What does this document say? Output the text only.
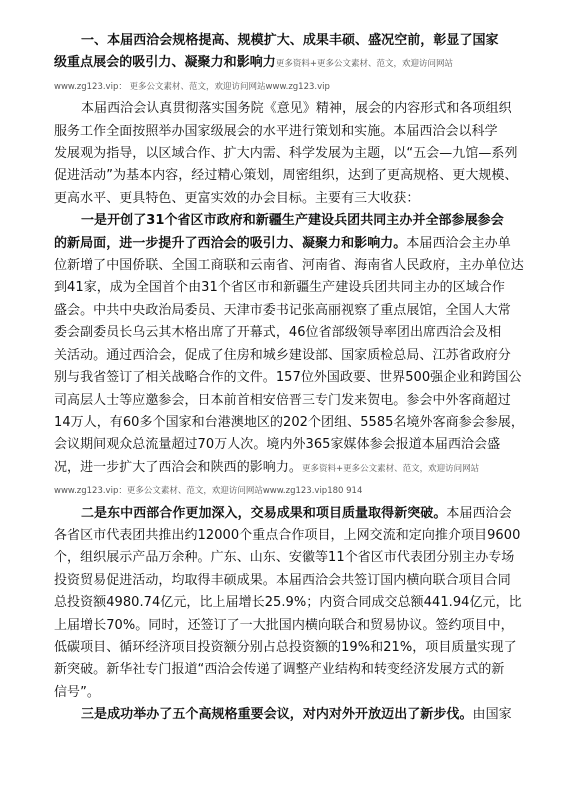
一、本届西洽会规格提高、规模扩大、成果丰硕、盛况空前，彰显了国家
级重点展会的吸引力、凝聚力和影响力更多资料+更多公文素材、范文，欢迎访问网站
www.zg123.vip： 更多公文素材、范文，欢迎访问网站www.zg123.vip
本届西洽会认真贯彻落实国务院《意见》精神，展会的内容形式和各项组织
服务工作全面按照举办国家级展会的水平进行策划和实施。本届西洽会以科学
发展观为指导，以区域合作、扩大内需、科学发展为主题，以“五会—九馆—系列
促进活动”为基本内容，经过精心策划，周密组织，达到了更高规格、更大规模、
更高水平、更具特色、更富实效的办会目标。主要有三大收获：
一是开创了31个省区市政府和新疆生产建设兵团共同主办并全部参展参会
的新局面，进一步提升了西洽会的吸引力、凝聚力和影响力。本届西洽会主办单
位新增了中国侨联、全国工商联和云南省、河南省、海南省人民政府，主办单位达
到41家，成为全国首个由31个省区市和新疆生产建设兵团共同主办的区域合作
盛会。中共中央政治局委员、天津市委书记张高丽视察了重点展馆，全国人大常
委会副委员长乌云其木格出席了开幕式，46位省部级领导率团出席西洽会及相
关活动。通过西洽会，促成了住房和城乡建设部、国家质检总局、江苏省政府分
别与我省签订了相关战略合作的文件。157位外国政要、世界500强企业和跨国公
司高层人士等应邀参会，日本前首相安倍晋三专门发来贺电。参会中外客商超过
14万人，有60多个国家和台港澳地区的202个团组、5585名境外客商参会参展，
会议期间观众总流量超过70万人次。境内外365家媒体参会报道本届西洽会盛
况，进一步扩大了西洽会和陕西的影响力。更多资料+更多公文素材、范文，欢迎访问网站
www.zg123.vip：更多公文素材、范文，欢迎访问网站www.zg123.vip180 914
二是东中西部合作更加深入，交易成果和项目质量取得新突破。本届西洽会
各省区市代表团共推出约12000个重点合作项目，上网交流和定向推介项目9600
个，组织展示产品万余种。广东、山东、安徽等11个省区市代表团分别主办专场
投资贸易促进活动，均取得丰硕成果。本届西洽会共签订国内横向联合项目合同
总投资额4980.74亿元，比上届增长25.9%；内资合同成交总额441.94亿元，比
上届增长70%。同时，还签订了一大批国内横向联合和贸易协议。签约项目中，
低碳项目、循环经济项目投资额分别占总投资额的19%和21%，项目质量实现了
新突破。新华社专门报道“西洽会传递了调整产业结构和转变经济发展方式的新
信号”。
三是成功举办了五个高规格重要会议，对内对外开放迈出了新步伐。由国家
